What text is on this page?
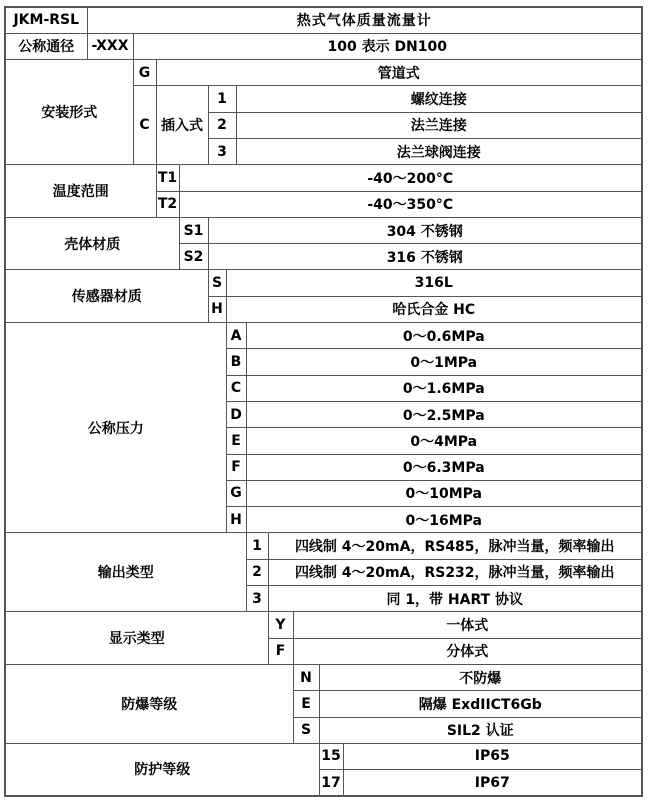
JKM-RSL	热式气体质量流量计											
公称通径	-XXX	100 表示 DN100										
安装形式		G	管道式									
		C	插入式		1		螺纹连接					
					2		法兰连接					
					3		法兰球阀连接					
温度范围			T1	-40～200°C								
			T2	-40～350°C								
壳体材质				S1	304 不锈钢							
				S2	316 不锈钢							
传感器材质					S	316L						
					H	哈氏合金 HC						
公称压力						A		0～0.6MPa				
						B		0～1MPa				
						C		0～1.6MPa				
						D		0～2.5MPa				
						E		0～4MPa				
						F		0～6.3MPa				
						G		0～10MPa				
						H		0～16MPa				
输出类型								1	四线制 4～20mA，RS485，脉冲当量，频率输出			
								2	四线制 4～20mA，RS232，脉冲当量，频率输出			
								3	同 1，带 HART 协议			
显示类型									Y	一体式		
									F	分体式		
防爆等级										N	不防爆	
										E	隔爆 ExdIICT6Gb	
										S	SIL2 认证	
防护等级											15	IP65
											17	IP67
